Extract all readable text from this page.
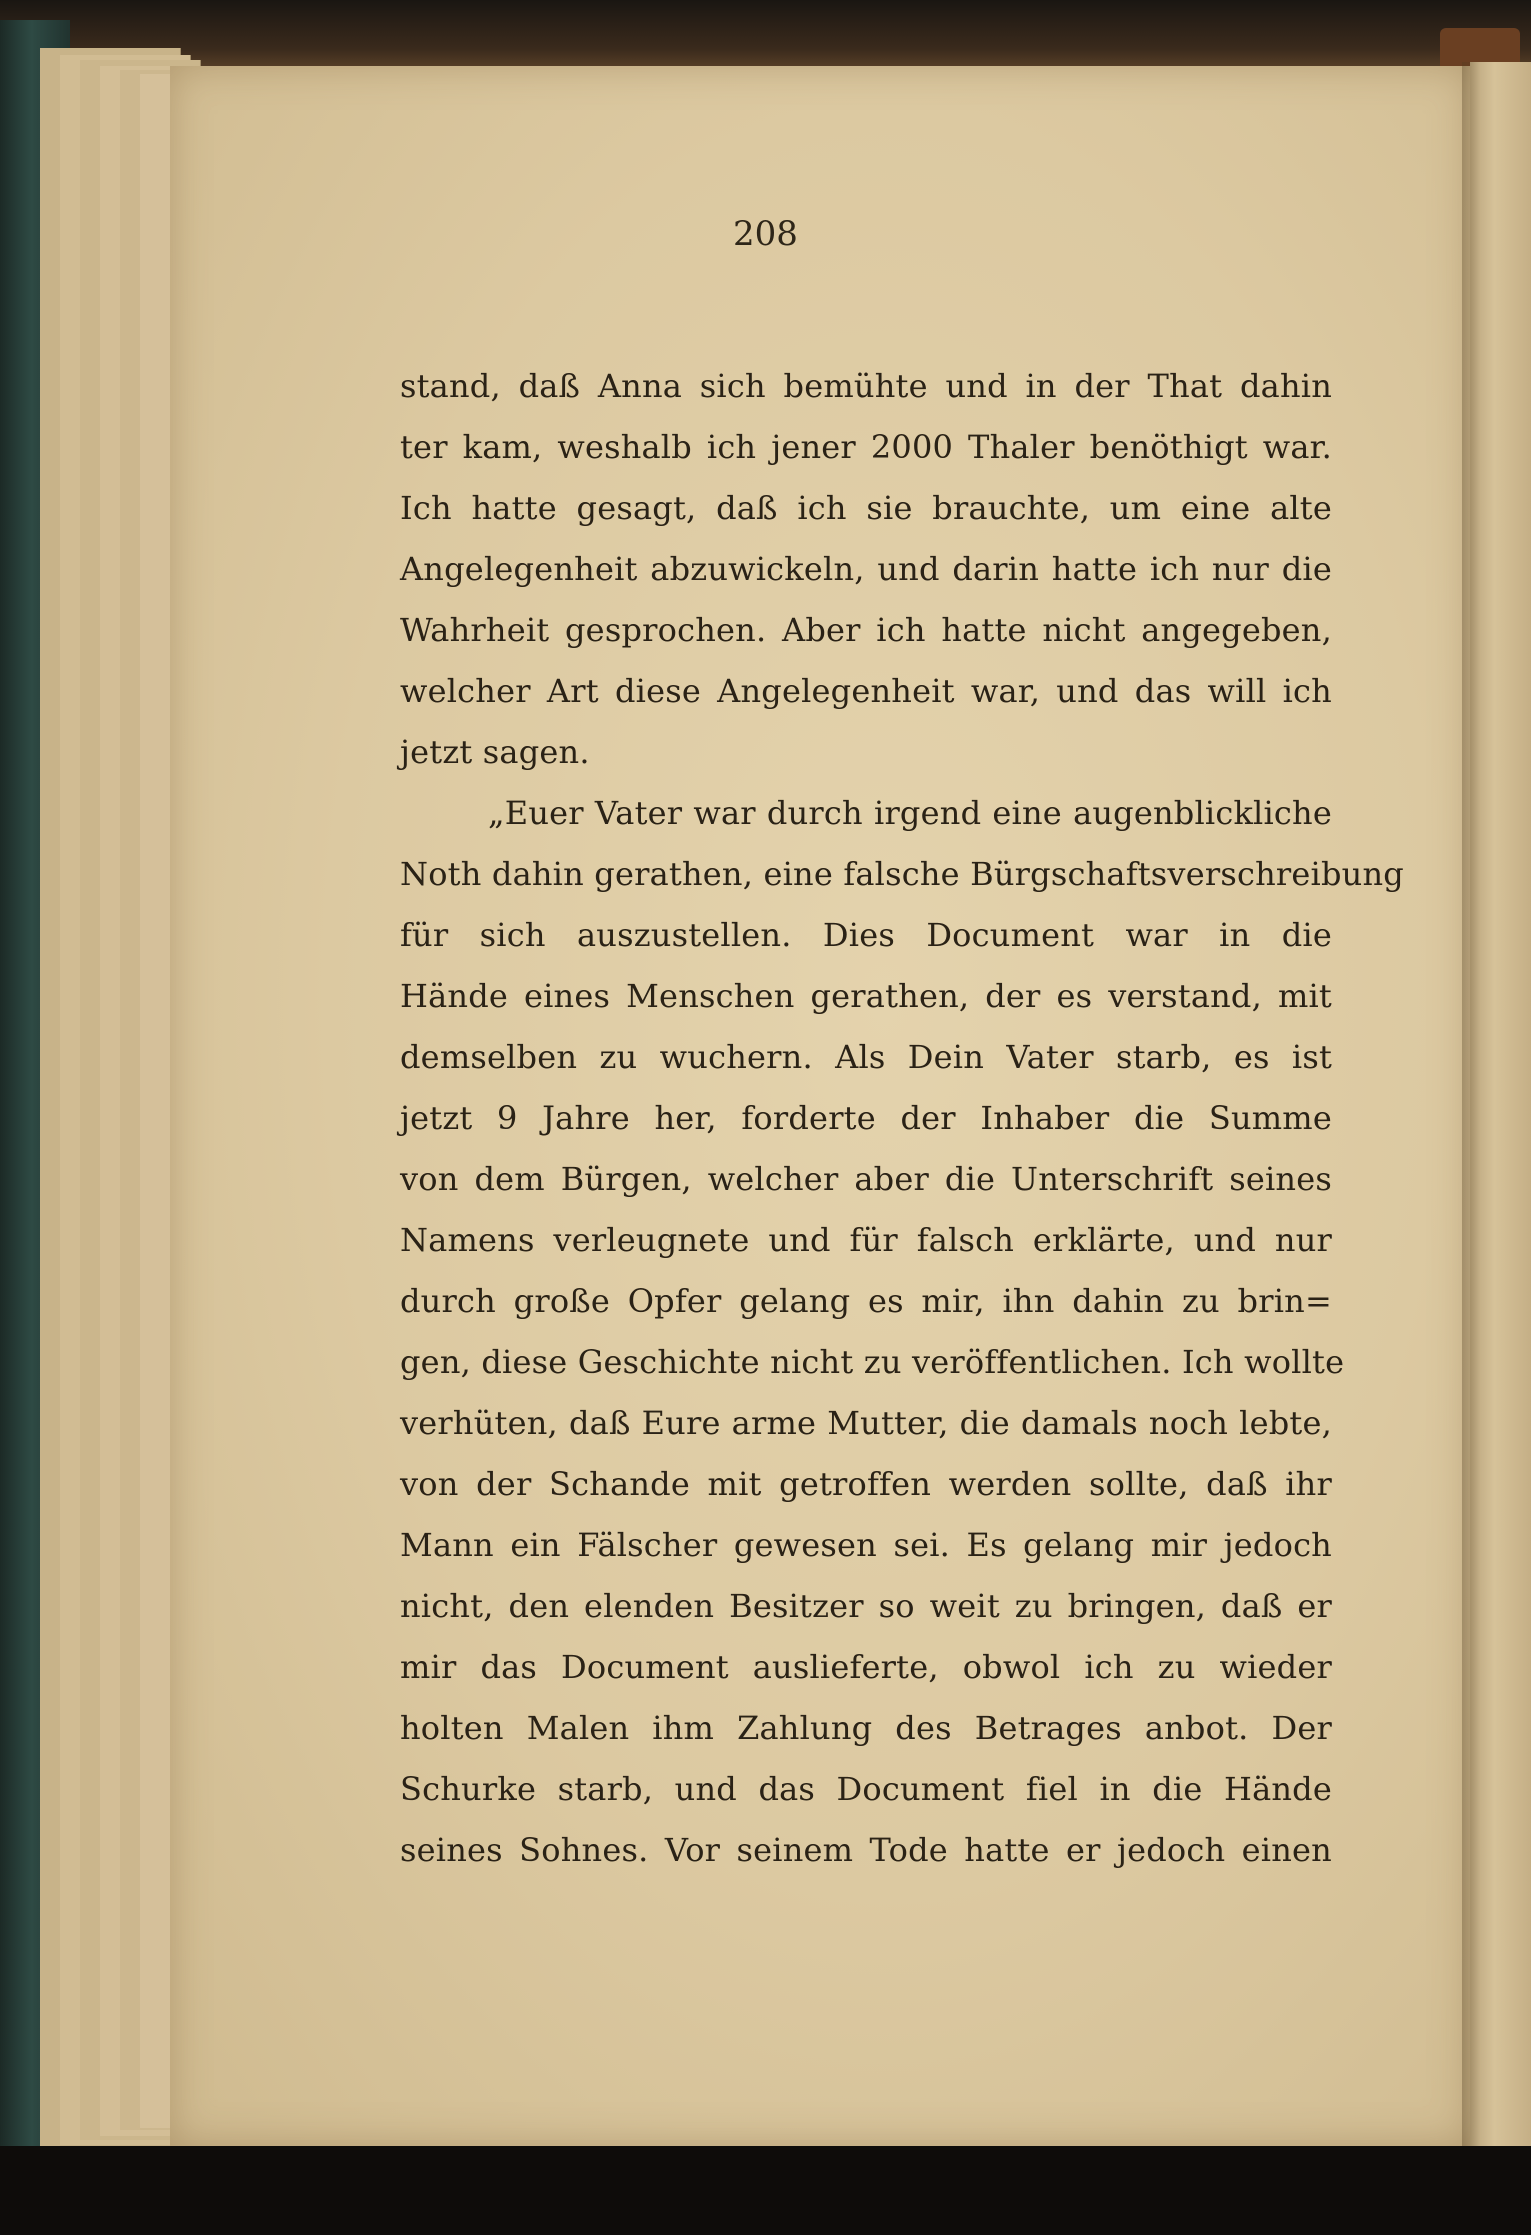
208

stand, daß Anna sich bemühte und in der That dahin
ter kam, weshalb ich jener 2000 Thaler benöthigt war.
Ich hatte gesagt, daß ich sie brauchte, um eine alte
Angelegenheit abzuwickeln, und darin hatte ich nur die
Wahrheit gesprochen. Aber ich hatte nicht angegeben,
welcher Art diese Angelegenheit war, und das will ich
jetzt sagen.
„Euer Vater war durch irgend eine augenblickliche
Noth dahin gerathen, eine falsche Bürgschaftsverschreibung
für sich auszustellen. Dies Document war in die
Hände eines Menschen gerathen, der es verstand, mit
demselben zu wuchern. Als Dein Vater starb, es ist
jetzt 9 Jahre her, forderte der Inhaber die Summe
von dem Bürgen, welcher aber die Unterschrift seines
Namens verleugnete und für falsch erklärte, und nur
durch große Opfer gelang es mir, ihn dahin zu brin=
gen, diese Geschichte nicht zu veröffentlichen. Ich wollte
verhüten, daß Eure arme Mutter, die damals noch lebte,
von der Schande mit getroffen werden sollte, daß ihr
Mann ein Fälscher gewesen sei. Es gelang mir jedoch
nicht, den elenden Besitzer so weit zu bringen, daß er
mir das Document auslieferte, obwol ich zu wieder
holten Malen ihm Zahlung des Betrages anbot. Der
Schurke starb, und das Document fiel in die Hände
seines Sohnes. Vor seinem Tode hatte er jedoch einen
